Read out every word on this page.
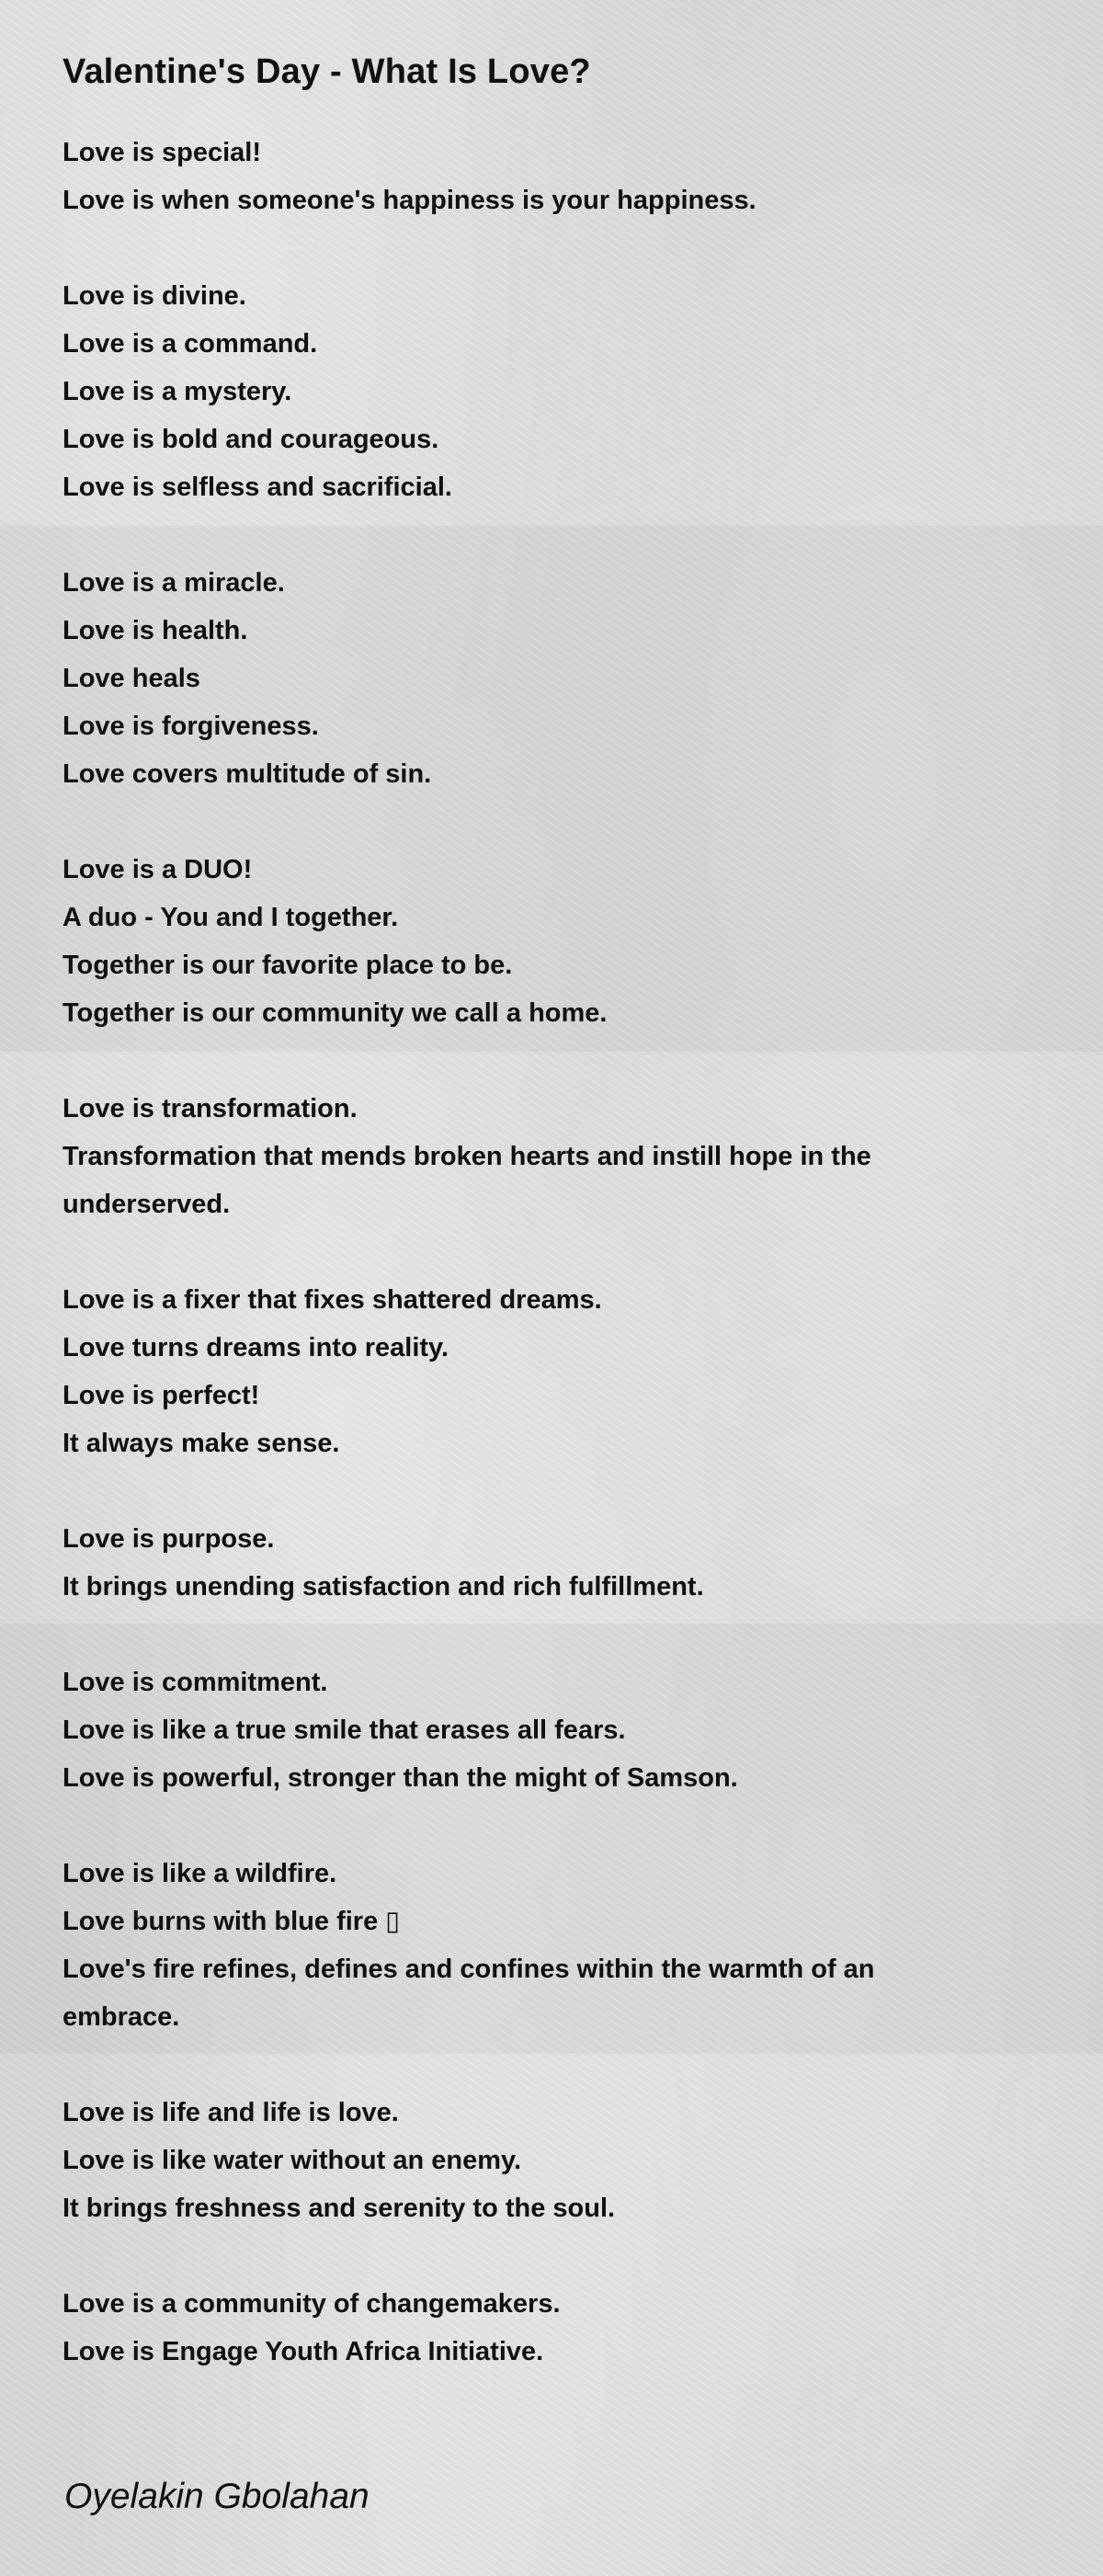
Valentine's Day - What Is Love?
Love is special!
Love is when someone's happiness is your happiness.
Love is divine.
Love is a command.
Love is a mystery.
Love is bold and courageous.
Love is selfless and sacrificial.
Love is a miracle.
Love is health.
Love heals
Love is forgiveness.
Love covers multitude of sin.
Love is a DUO!
A duo - You and I together.
Together is our favorite place to be.
Together is our community we call a home.
Love is transformation.
Transformation that mends broken hearts and instill hope in the underserved.
Love is a fixer that fixes shattered dreams.
Love turns dreams into reality.
Love is perfect!
It always make sense.
Love is purpose.
It brings unending satisfaction and rich fulfillment.
Love is commitment.
Love is like a true smile that erases all fears.
Love is powerful, stronger than the might of Samson.
Love is like a wildfire.
Love burns with blue fire ▯
Love's fire refines, defines and confines within the warmth of an embrace.
Love is life and life is love.
Love is like water without an enemy.
It brings freshness and serenity to the soul.
Love is a community of changemakers.
Love is Engage Youth Africa Initiative.
Oyelakin Gbolahan
